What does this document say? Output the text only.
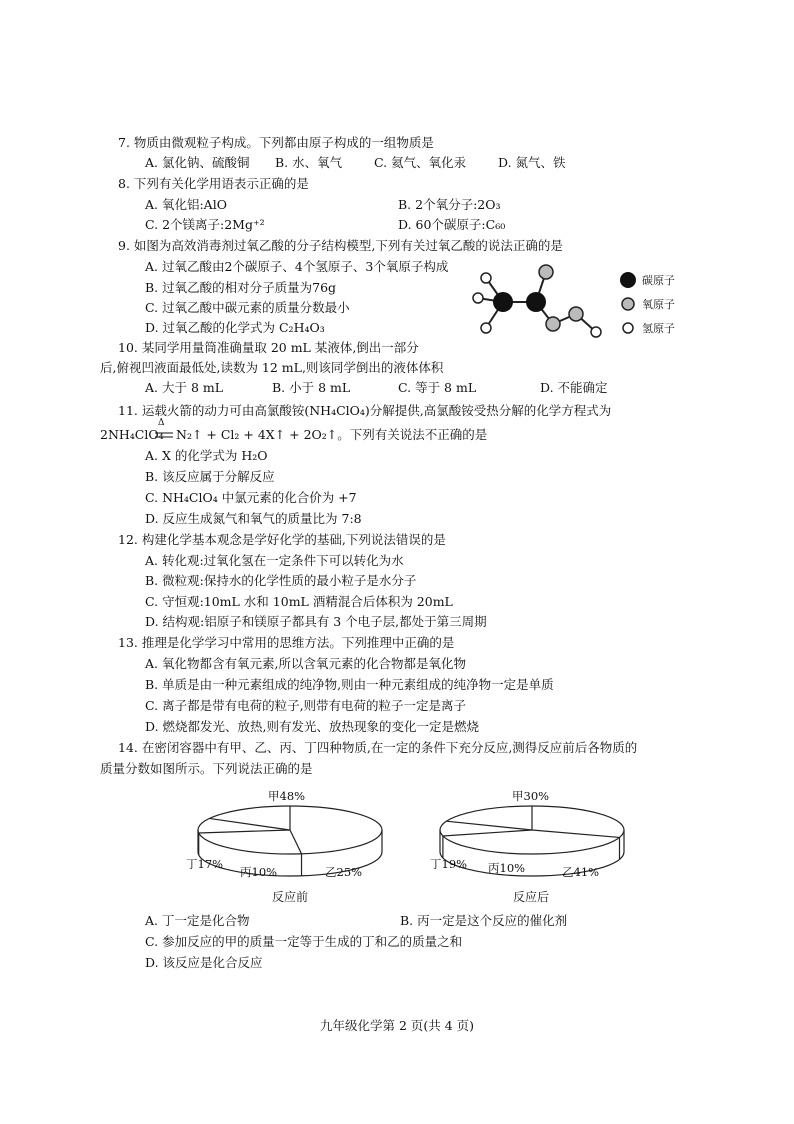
7. 物质由微观粒子构成。下列都由原子构成的一组物质是
A. 氯化钠、硫酸铜 B. 水、氧气	C. 氦气、氧化汞	D. 氮气、铁
8. 下列有关化学用语表示正确的是
A. 氧化铝:AlO	B. 2个氧分子:2O₃
C. 2个镁离子:2Mg⁺²	D. 60个碳原子:C₆₀
9. 如图为高效消毒剂过氧乙酸的分子结构模型,下列有关过氧乙酸的说法正确的是
A. 过氧乙酸由2个碳原子、4个氢原子、3个氧原子构成
B. 过氧乙酸的相对分子质量为76g
C. 过氧乙酸中碳元素的质量分数最小
D. 过氧乙酸的化学式为 C₂H₄O₃
碳原子
氧原子
氢原子
10. 某同学用量筒准确量取 20 mL 某液体,倒出一部分
后,俯视凹液面最低处,读数为 12 mL,则该同学倒出的液体体积
A. 大于 8 mL	B. 小于 8 mL	C. 等于 8 mL	D. 不能确定
11. 运载火箭的动力可由高氯酸铵(NH₄ClO₄)分解提供,高氯酸铵受热分解的化学方程式为
2NH₄ClO₄
Δ
N₂↑ + Cl₂ + 4X↑ + 2O₂↑。下列有关说法不正确的是
A. X 的化学式为 H₂O
B. 该反应属于分解反应
C. NH₄ClO₄ 中氯元素的化合价为 +7
D. 反应生成氮气和氧气的质量比为 7:8
12. 构建化学基本观念是学好化学的基础,下列说法错误的是
A. 转化观:过氧化氢在一定条件下可以转化为水
B. 微粒观:保持水的化学性质的最小粒子是水分子
C. 守恒观:10mL 水和 10mL 酒精混合后体积为 20mL
D. 结构观:铝原子和镁原子都具有 3 个电子层,都处于第三周期
13. 推理是化学学习中常用的思维方法。下列推理中正确的是
A. 氧化物都含有氧元素,所以含氧元素的化合物都是氧化物
B. 单质是由一种元素组成的纯净物,则由一种元素组成的纯净物一定是单质
C. 离子都是带有电荷的粒子,则带有电荷的粒子一定是离子
D. 燃烧都发光、放热,则有发光、放热现象的变化一定是燃烧
14. 在密闭容器中有甲、乙、丙、丁四种物质,在一定的条件下充分反应,测得反应前后各物质的
质量分数如图所示。下列说法正确的是
甲48%
乙25%
丙10%
丁17%
反应前
甲30%
乙41%
丙10%
丁19%
反应后
A. 丁一定是化合物	B. 丙一定是这个反应的催化剂
C. 参加反应的甲的质量一定等于生成的丁和乙的质量之和
D. 该反应是化合反应
九年级化学第 2 页(共 4 页)
